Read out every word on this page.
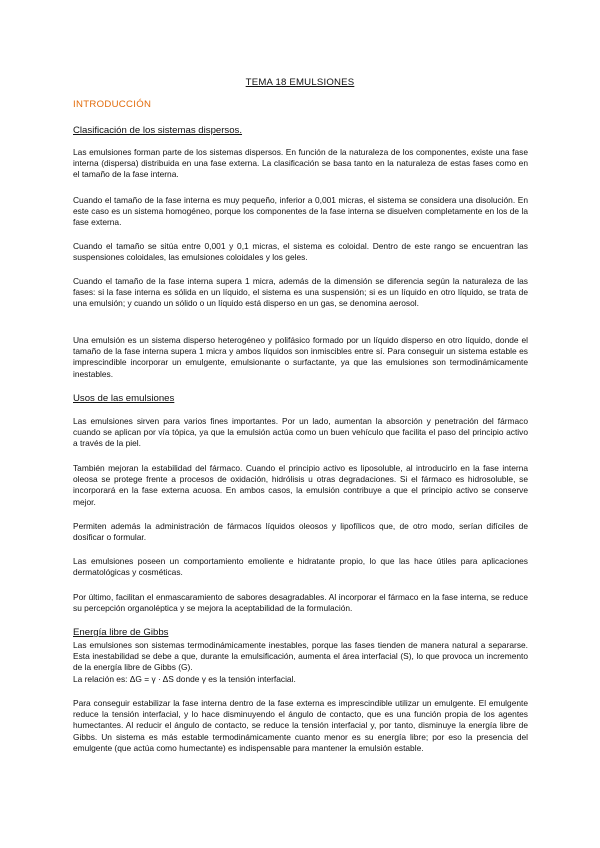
TEMA 18 EMULSIONES
INTRODUCCIÓN
Clasificación de los sistemas dispersos.

Las emulsiones forman parte de los sistemas dispersos. En función de la naturaleza de los componentes, existe una fase interna (dispersa) distribuida en una fase externa. La clasificación se basa tanto en la naturaleza de estas fases como en el tamaño de la fase interna.

Cuando el tamaño de la fase interna es muy pequeño, inferior a 0,001 micras, el sistema se considera una disolución. En este caso es un sistema homogéneo, porque los componentes de la fase interna se disuelven completamente en los de la fase externa.

Cuando el tamaño se sitúa entre 0,001 y 0,1 micras, el sistema es coloidal. Dentro de este rango se encuentran las suspensiones coloidales, las emulsiones coloidales y los geles.

Cuando el tamaño de la fase interna supera 1 micra, además de la dimensión se diferencia según la naturaleza de las fases: si la fase interna es sólida en un líquido, el sistema es una suspensión; si es un líquido en otro líquido, se trata de una emulsión; y cuando un sólido o un líquido está disperso en un gas, se denomina aerosol.

Una emulsión es un sistema disperso heterogéneo y polifásico formado por un líquido disperso en otro líquido, donde el tamaño de la fase interna supera 1 micra y ambos líquidos son inmiscibles entre sí. Para conseguir un sistema estable es imprescindible incorporar un emulgente, emulsionante o surfactante, ya que las emulsiones son termodinámicamente inestables.

Usos de las emulsiones

Las emulsiones sirven para varios fines importantes. Por un lado, aumentan la absorción y penetración del fármaco cuando se aplican por vía tópica, ya que la emulsión actúa como un buen vehículo que facilita el paso del principio activo a través de la piel.

También mejoran la estabilidad del fármaco. Cuando el principio activo es liposoluble, al introducirlo en la fase interna oleosa se protege frente a procesos de oxidación, hidrólisis u otras degradaciones. Si el fármaco es hidrosoluble, se incorporará en la fase externa acuosa. En ambos casos, la emulsión contribuye a que el principio activo se conserve mejor.

Permiten además la administración de fármacos líquidos oleosos y lipofílicos que, de otro modo, serían difíciles de dosificar o formular.

Las emulsiones poseen un comportamiento emoliente e hidratante propio, lo que las hace útiles para aplicaciones dermatológicas y cosméticas.

Por último, facilitan el enmascaramiento de sabores desagradables. Al incorporar el fármaco en la fase interna, se reduce su percepción organoléptica y se mejora la aceptabilidad de la formulación.

Energía libre de Gibbs

Las emulsiones son sistemas termodinámicamente inestables, porque las fases tienden de manera natural a separarse. Esta inestabilidad se debe a que, durante la emulsificación, aumenta el área interfacial (S), lo que provoca un incremento de la energía libre de Gibbs (G).

La relación es: ΔG = γ · ΔS donde γ es la tensión interfacial.

Para conseguir estabilizar la fase interna dentro de la fase externa es imprescindible utilizar un emulgente. El emulgente reduce la tensión interfacial, y lo hace disminuyendo el ángulo de contacto, que es una función propia de los agentes humectantes. Al reducir el ángulo de contacto, se reduce la tensión interfacial y, por tanto, disminuye la energía libre de Gibbs. Un sistema es más estable termodinámicamente cuanto menor es su energía libre; por eso la presencia del emulgente (que actúa como humectante) es indispensable para mantener la emulsión estable.
